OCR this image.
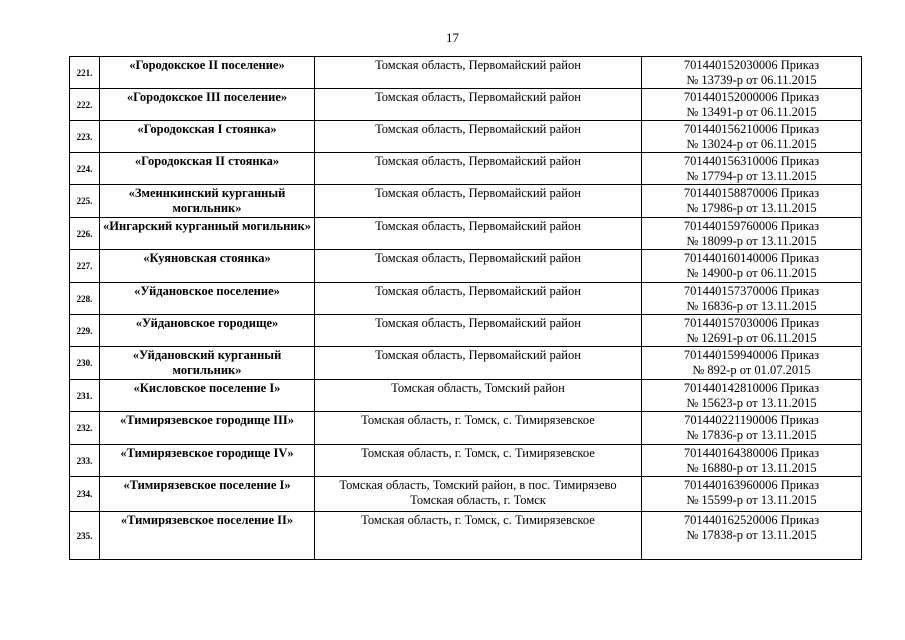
17
221.	«Городокское II поселение»	Томская область, Первомайский район	701440152030006 Приказ
№ 13739-р от 06.11.2015

222.	«Городокское III поселение»	Томская область, Первомайский район	701440152000006 Приказ
№ 13491-р от 06.11.2015

223.	«Городокская I стоянка»	Томская область, Первомайский район	701440156210006 Приказ
№ 13024-р от 06.11.2015

224.	«Городокская II стоянка»	Томская область, Первомайский район	701440156310006 Приказ
№ 17794-р от 13.11.2015

225.	«Змеинкинский курганный могильник»	Томская область, Первомайский район	701440158870006 Приказ
№ 17986-р от 13.11.2015

226.	«Ингарский курганный могильник»	Томская область, Первомайский район	701440159760006 Приказ
№ 18099-р от 13.11.2015

227.	«Куяновская стоянка»	Томская область, Первомайский район	701440160140006 Приказ
№ 14900-р от 06.11.2015

228.	«Уйдановское поселение»	Томская область, Первомайский район	701440157370006 Приказ
№ 16836-р от 13.11.2015

229.	«Уйдановское городище»	Томская область, Первомайский район	701440157030006 Приказ
№ 12691-р от 06.11.2015

230.	«Уйдановский курганный могильник»	Томская область, Первомайский район	701440159940006 Приказ
№ 892-р от 01.07.2015

231.	«Кисловское поселение I»	Томская область, Томский район	701440142810006 Приказ
№ 15623-р от 13.11.2015

232.	«Тимирязевское городище III»	Томская область, г. Томск, с. Тимирязевское	701440221190006 Приказ
№ 17836-р от 13.11.2015

233.	«Тимирязевское городище IV»	Томская область, г. Томск, с. Тимирязевское	701440164380006 Приказ
№ 16880-р от 13.11.2015

234.	«Тимирязевское поселение I»	Томская область, Томский район, в пос. Тимирязево
Томская область, г. Томск	701440163960006 Приказ
№ 15599-р от 13.11.2015

235.	«Тимирязевское поселение II»	Томская область, г. Томск, с. Тимирязевское	701440162520006 Приказ
№ 17838-р от 13.11.2015
